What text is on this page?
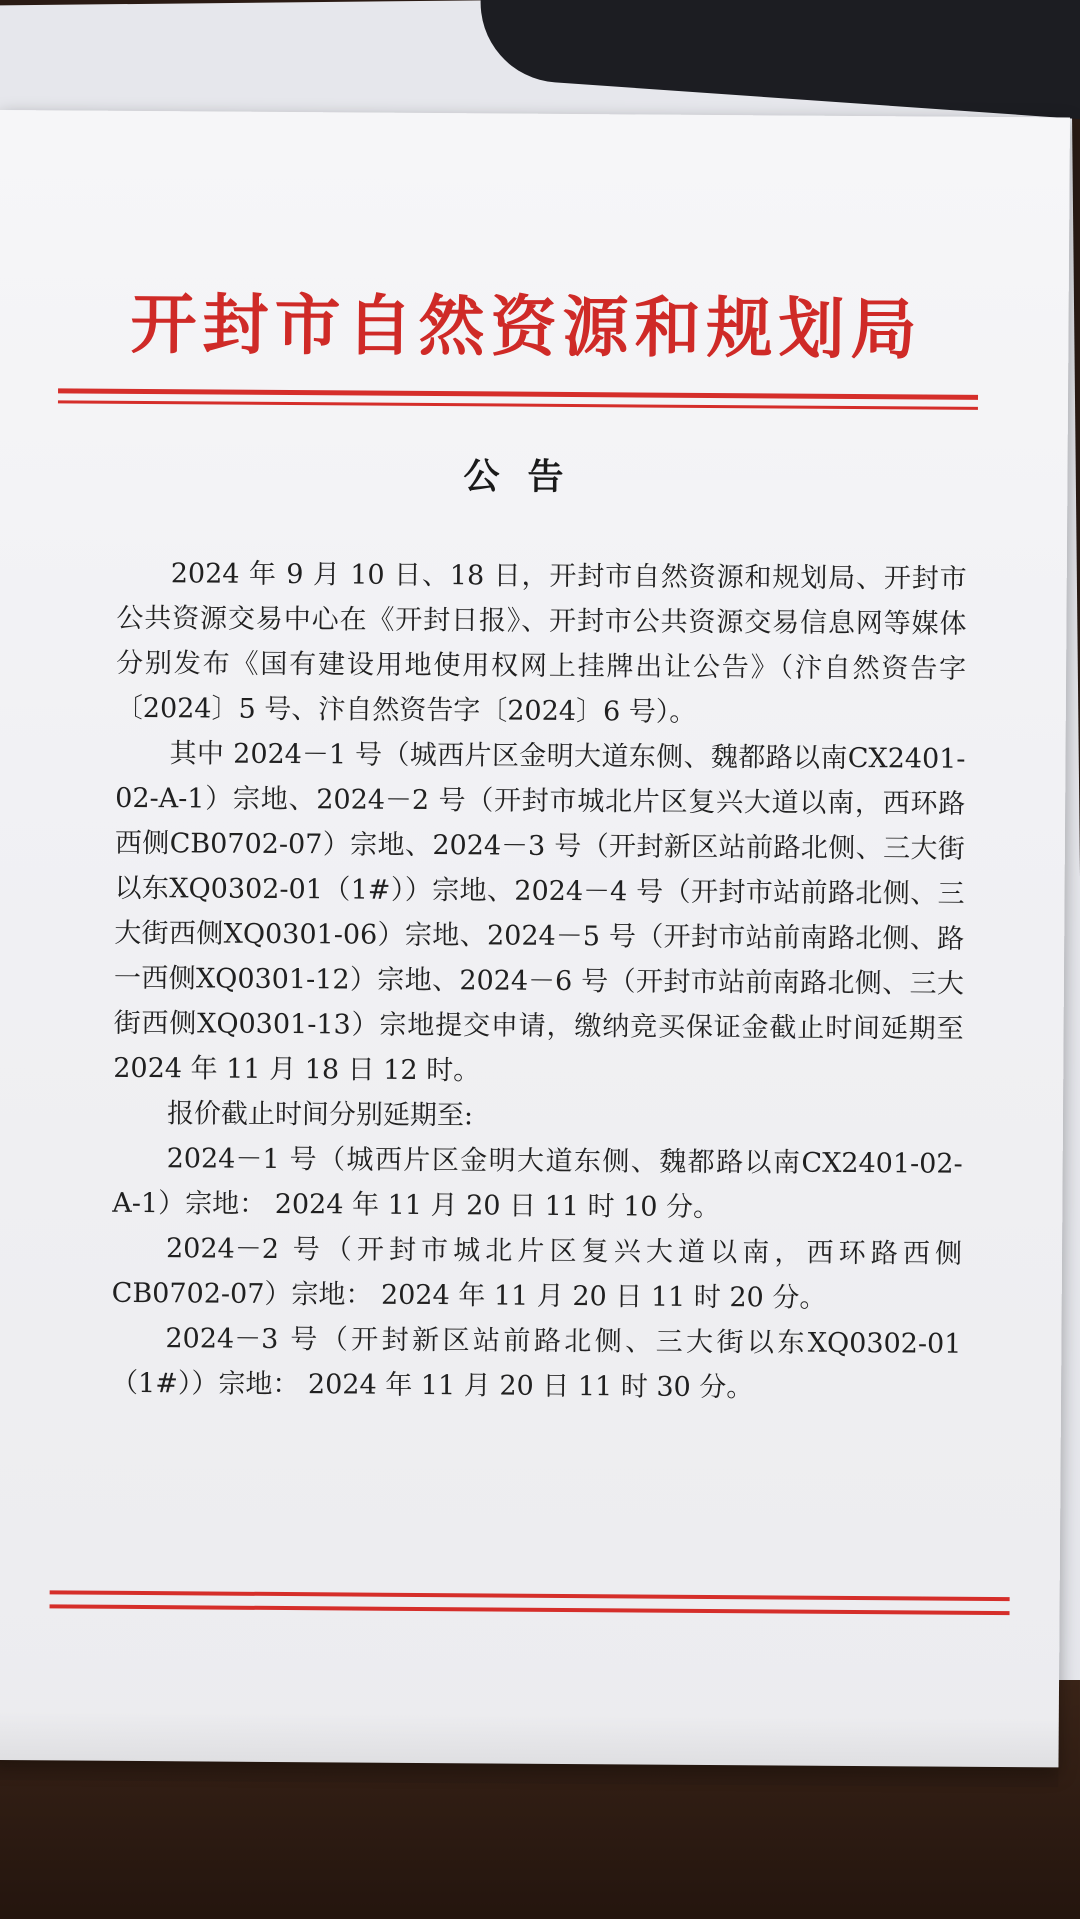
开封市自然资源和规划局
公告

2024 年 9 月 10 日、18 日，开封市自然资源和规划局、开封市公共资源交易中心在《开封日报》、开封市公共资源交易信息网等媒体分别发布《国有建设用地使用权网上挂牌出让公告》（汴自然资告字〔2024〕5 号、汴自然资告字〔2024〕6 号）。

其中 2024－1 号（城西片区金明大道东侧、魏都路以南CX2401-02-A-1）宗地、2024－2 号（开封市城北片区复兴大道以南，西环路西侧CB0702-07）宗地、2024－3 号（开封新区站前路北侧、三大街以东XQ0302-01（1#））宗地、2024－4 号（开封市站前路北侧、三大街西侧XQ0301-06）宗地、2024－5 号（开封市站前南路北侧、路一西侧XQ0301-12）宗地、2024－6 号（开封市站前南路北侧、三大街西侧XQ0301-13）宗地提交申请，缴纳竞买保证金截止时间延期至 2024 年 11 月 18 日 12 时。

报价截止时间分别延期至:

2024－1 号（城西片区金明大道东侧、魏都路以南CX2401-02-A-1）宗地： 2024 年 11 月 20 日 11 时 10 分。

2024－2 号（开封市城北片区复兴大道以南，西环路西侧CB0702-07）宗地： 2024 年 11 月 20 日 11 时 20 分。

2024－3 号（开封新区站前路北侧、三大街以东XQ0302-01（1#））宗地： 2024 年 11 月 20 日 11 时 30 分。
